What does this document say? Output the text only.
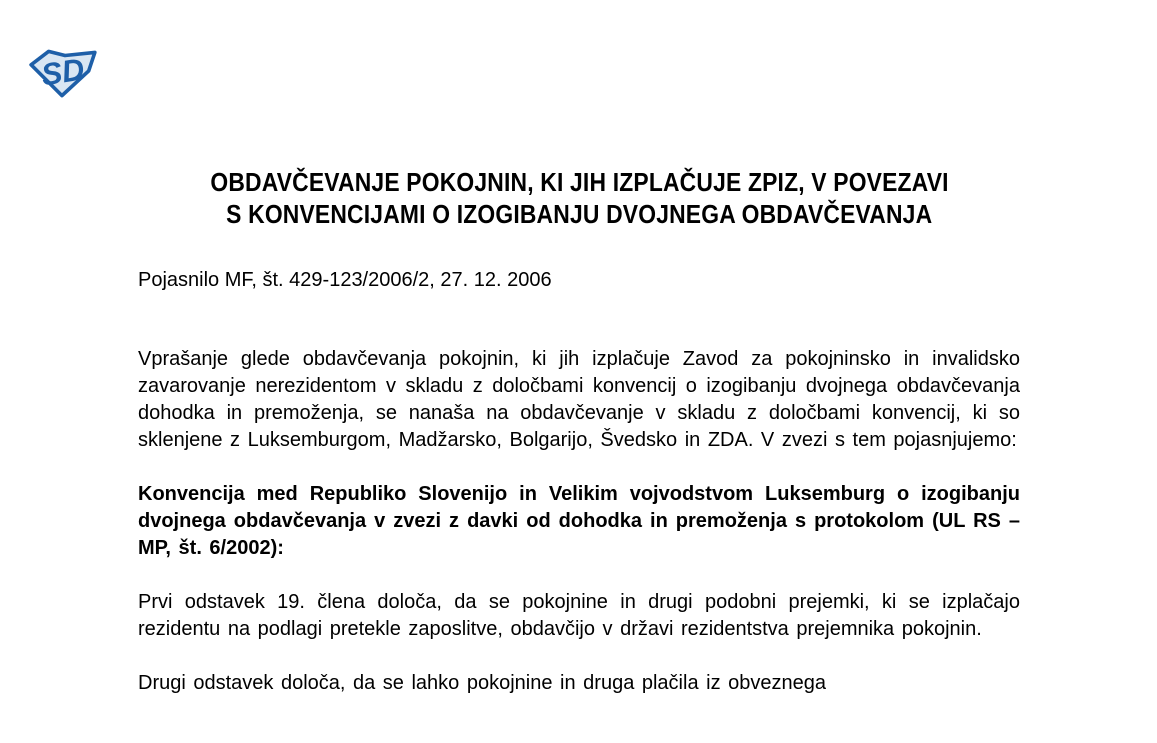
SD
OBDAVČEVANJE POKOJNIN, KI JIH IZPLAČUJE ZPIZ, V POVEZAVI
S KONVENCIJAMI O IZOGIBANJU DVOJNEGA OBDAVČEVANJA

Pojasnilo MF, št. 429-123/2006/2, 27. 12. 2006

Vprašanje glede obdavčevanja pokojnin, ki jih izplačuje Zavod za pokojninsko in invalidsko zavarovanje nerezidentom v skladu z določbami konvencij o izogibanju dvojnega obdavčevanja dohodka in premoženja, se nanaša na obdavčevanje v skladu z določbami konvencij, ki so sklenjene z Luksemburgom, Madžarsko, Bolgarijo, Švedsko in ZDA. V zvezi s tem pojasnjujemo:

Konvencija med Republiko Slovenijo in Velikim vojvodstvom Luksemburg o izogibanju dvojnega obdavčevanja v zvezi z davki od dohodka in premoženja s protokolom (UL RS – MP, št. 6/2002):

Prvi odstavek 19. člena določa, da se pokojnine in drugi podobni prejemki, ki se izplačajo rezidentu na podlagi pretekle zaposlitve, obdavčijo v državi rezidentstva prejemnika pokojnin.

Drugi odstavek določa, da se lahko pokojnine in druga plačila iz obveznega
